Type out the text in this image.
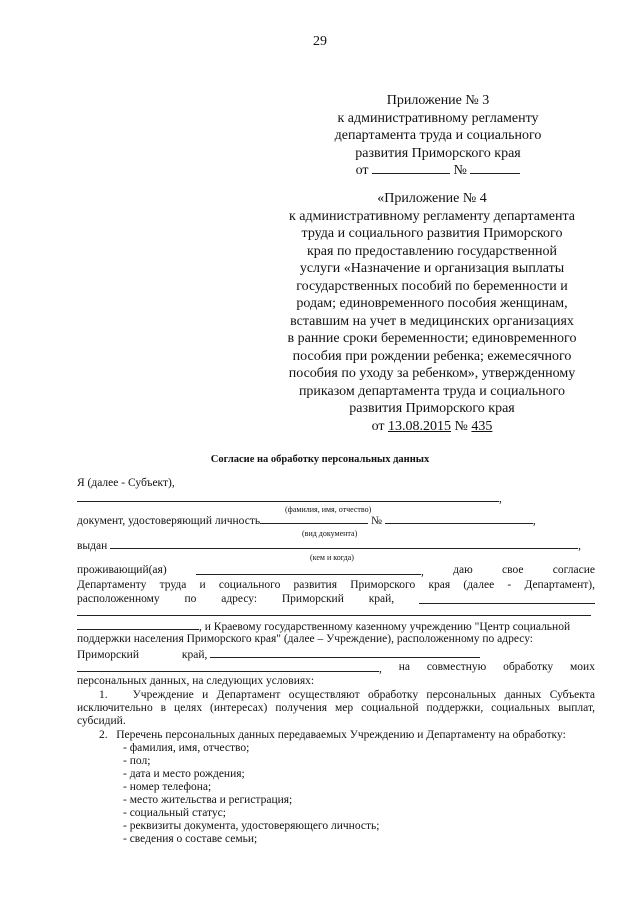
29
Приложение № 3
к административному регламенту
департамента труда и социального
развития Приморского края
от	№
«Приложение № 4
к административному регламенту департамента
труда и социального развития Приморского
края по предоставлению государственной
услуги «Назначение и организация выплаты
государственных пособий по беременности и
родам; единовременного пособия женщинам,
вставшим на учет в медицинских организациях
в ранние сроки беременности; единовременного
пособия при рождении ребенка; ежемесячного
пособия по уходу за ребенком», утвержденному
приказом департамента труда и социального
развития Приморского края
от 13.08.2015 № 435
Согласие на обработку персональных данных
Я (далее - Субъект),
,
(фамилия, имя, отчество)
документ, удостоверяющий личность	№	,
(вид документа)
выдан	,
(кем и когда)
проживающий(ая)	,	даю	свое	согласие
Департаменту труда и социального развития Приморского края (далее - Департамент),
расположенному по адресу: Приморский край,
, и Краевому государственному казенному учреждению "Центр социальной
поддержки населения Приморского края" (далее – Учреждение), расположенному по адресу:
Приморский	край,
, на совместную обработку моих
персональных данных, на следующих условиях:
1.   Учреждение и Департамент осуществляют обработку персональных данных Субъекта исключительно в целях (интересах) получения мер социальной поддержки, социальных выплат, субсидий.
2.   Перечень персональных данных передаваемых Учреждению и Департаменту на обработку:
- фамилия, имя, отчество;
- пол;
- дата и место рождения;
- номер телефона;
- место жительства и регистрация;
- социальный статус;
- реквизиты документа, удостоверяющего личность;
- сведения о составе семьи;
